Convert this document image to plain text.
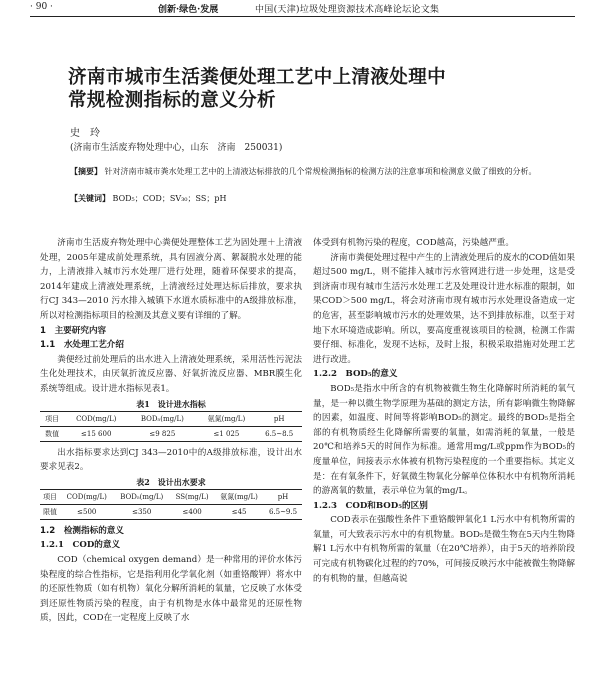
· 90 ·	创新·绿色·发展	中国(天津)垃圾处理资源技术高峰论坛论文集
济南市城市生活粪便处理工艺中上清液处理中
常规检测指标的意义分析
史　玲
(济南市生活废弃物处理中心，山东　济南　250031)
【摘要】 针对济南市城市粪水处理工艺中的上清液达标排放的几个常规检测指标的检测方法的注意事项和检测意义做了细致的分析。
【关键词】 BOD₅；COD；SV₃₀；SS；pH

济南市生活废弃物处理中心粪便处理整体工艺为固处理＋上清液处理，2005年建成前处理系统，具有固液分离、絮凝脱水处理的能力，上清液排入城市污水处理厂进行处理，随着环保要求的提高，2014年建成上清液处理系统，上清液经过处理达标后排放，要求执行CJ 343—2010 污水排入城镇下水道水质标准中的A级排放标准，所以对检测指标项目的检测及其意义要有详细的了解。

1　主要研究内容
1.1　水处理工艺介绍

粪便经过前处理后的出水进入上清液处理系统，采用活性污泥法生化处理技术，由厌氧折流反应器、好氧折流反应器、MBR膜生化系统等组成。设计进水指标见表1。

表1　设计进水指标
项目	COD(mg/L)	BOD₅(mg/L)	氨氮(mg/L)	pH
数值	≤15 600	≤9 825	≤1 025	6.5~8.5

出水指标要求达到CJ 343—2010中的A级排放标准，设计出水要求见表2。

表2　设计出水要求
项目	COD(mg/L)	BOD₅(mg/L)	SS(mg/L)	氨氮(mg/L)	pH
限值	≤500	≤350	≤400	≤45	6.5~9.5
1.2　检测指标的意义
1.2.1　COD的意义

COD（chemical oxygen demand）是一种常用的评价水体污染程度的综合性指标，它是指利用化学氧化剂（如重铬酸钾）将水中的还原性物质（如有机物）氧化分解所消耗的氧量，它反映了水体受到还原性物质污染的程度，由于有机物是水体中最常见的还原性物质，因此，COD在一定程度上反映了水

体受到有机物污染的程度，COD越高，污染越严重。

济南市粪便处理过程中产生的上清液处理后的废水的COD值如果超过500 mg/L，则不能排入城市污水管网进行进一步处理，这是受到济南市现有城市生活污水处理工艺及处理设计进水标准的限制，如果COD＞500 mg/L，将会对济南市现有城市污水处理设备造成一定的危害，甚至影响城市污水的处理效果，达不到排放标准，以至于对地下水环境造成影响。所以，要高度重视该项目的检测，检测工作需要仔细、标准化，发现不达标，及时上报，积极采取措施对处理工艺进行改进。

1.2.2　BOD₅的意义

BOD₅是指水中所含的有机物被微生物生化降解时所消耗的氧气量，是一种以微生物学原理为基础的测定方法，所有影响微生物降解的因素，如温度、时间等将影响BOD₅的测定。最终的BOD₅是指全部的有机物质经生化降解所需要的氧量，如需消耗的氧量，一般是20℃和培养5天的时间作为标准。通常用mg/L或ppm作为BOD₅的度量单位，间接表示水体被有机物污染程度的一个重要指标。其定义是：在有氧条件下，好氧微生物氧化分解单位体积水中有机物所消耗的游离氧的数量，表示单位为氧的mg/L。

1.2.3　COD和BOD₅的区别

COD表示在强酸性条件下重铬酸钾氧化1 L污水中有机物所需的氧量，可大致表示污水中的有机物量。BOD₅是微生物在5天内生物降解1 L污水中有机物所需的氧量（在20℃培养），由于5天的培养阶段可完成有机物碳化过程的约70%，可间接反映污水中能被微生物降解的有机物的量，但越高说
